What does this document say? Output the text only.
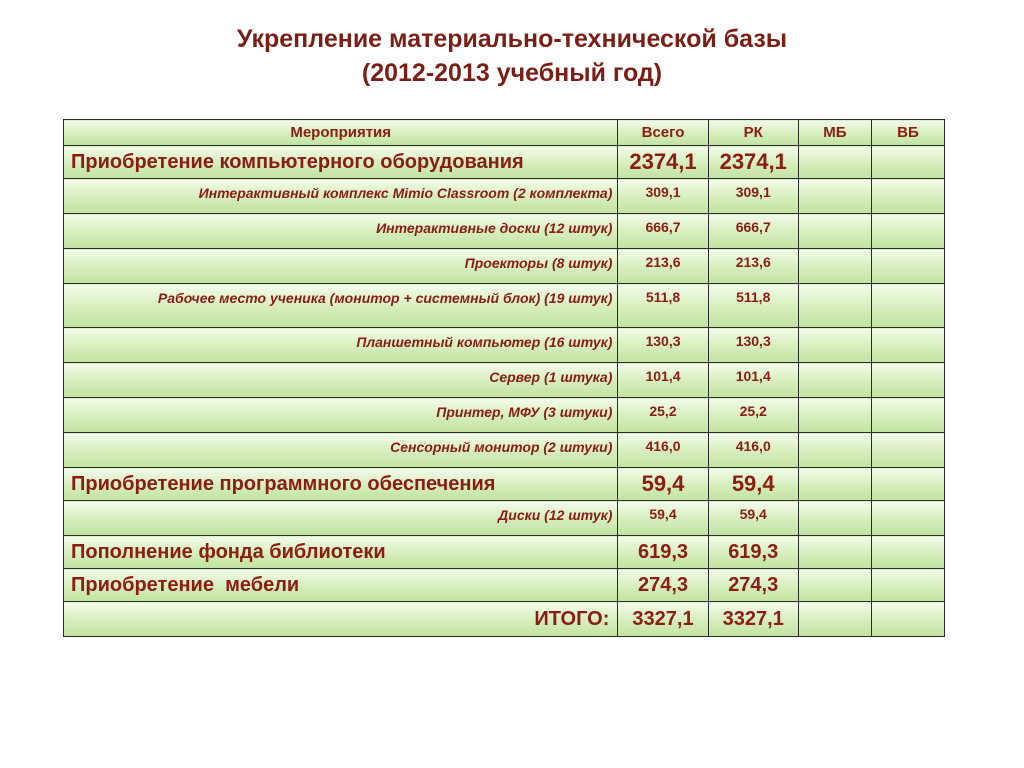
Укрепление материально-технической базы
(2012-2013 учебный год)
Мероприятия	Всего	РК	МБ	ВБ
Приобретение компьютерного оборудования	2374,1	2374,1		
Интерактивный комплекс Mimio Classroom (2 комплекта)	309,1	309,1		
Интерактивные доски (12 штук)	666,7	666,7		
Проекторы (8 штук)	213,6	213,6		
Рабочее место ученика (монитор + системный блок) (19 штук)	511,8	511,8		
Планшетный компьютер (16 штук)	130,3	130,3		
Сервер (1 штука)	101,4	101,4		
Принтер, МФУ (3 штуки)	25,2	25,2		
Сенсорный монитор (2 штуки)	416,0	416,0		
Приобретение программного обеспечения	59,4	59,4		
Диски (12 штук)	59,4	59,4		
Пополнение фонда библиотеки	619,3	619,3		
Приобретение  мебели	274,3	274,3		
ИТОГО:	3327,1	3327,1		
